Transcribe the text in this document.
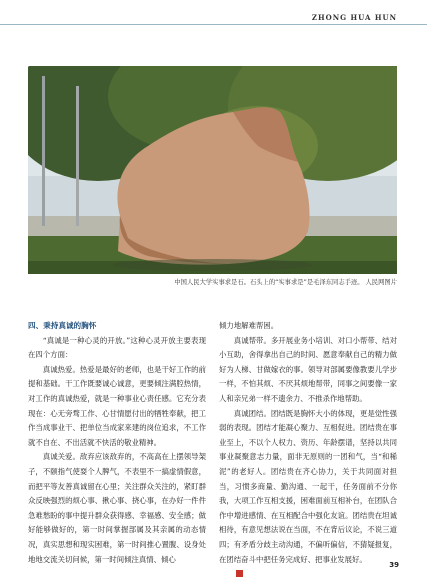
ZHONG HUA HUN
中国人民大学实事求是石。石头上的“实事求是”是毛泽东同志手迹。 人民网图片

四、秉持真诚的胸怀

“真诚是一种心灵的开放。”这种心灵开放主要表现在四个方面：

真诚热爱。热爱是最好的老师，也是干好工作的前提和基础。干工作既要诚心诚意，更要倾注满腔热情，对工作的真诚热爱，就是一种事业心责任感。它充分表现在：心无旁骛工作、心甘情愿付出的牺牲奉献，把工作当成事业干、把单位当成家来建的岗位追求，不工作就不自在、不出活就不快活的敬业精神。

真诚关爱。敌弃应该敌弃的，不高高在上摆领导架子，不颐指气使耍个人脾气，不表里不一搞虚情假意，而把平等友善真诚留在心里；关注群众关注的，紧盯群众反映强烈的烦心事、揪心事、挠心事，在办好一件件急难愁盼的事中提升群众获得感、幸福感、安全感；做好能够做好的，第一时间掌握部属及其亲属的动态情况，真实思想和现实困难，第一时间推心置腹、设身处地地交流关切问候，第一时间倾注真情、倾心

倾力地解难帮困。

真诚帮带。多开展业务小培训、对口小帮带、结对小互助，舍得拿出自己的时间、愿意奉献自己的精力做好为人梯、甘做嫁衣的事。领导对部属要像教要儿学步一样，不怕其烦、不厌其烦地帮带，同事之间要像一家人和亲兄弟一样不遗余力、不推杀作地帮助。

真诚团结。团结既是胸怀大小的体现，更是觉性强弱的表现。团结才能凝心聚力、互相促进。团结贵在事业至上，不以个人权力、资历、年龄摆谱，坚持以共同事业凝聚意志力量，面非无原则的一团和气，当“和稀泥”的老好人。团结贵在齐心协力，关于共同面对担当，习惯多商量、勤沟通、一起干，任务面前不分你我，大项工作互相支援，困难面前互相补台，在团队合作中增进感情、在互相配合中强化友谊。团结贵在坦诚相待，有意见想法说在当面，不在背后议论，不说三道四；有矛盾分歧主动沟通，不偏听偏信，不猜疑报复，在团结奋斗中把任务完成好、把事业发展好。

39
